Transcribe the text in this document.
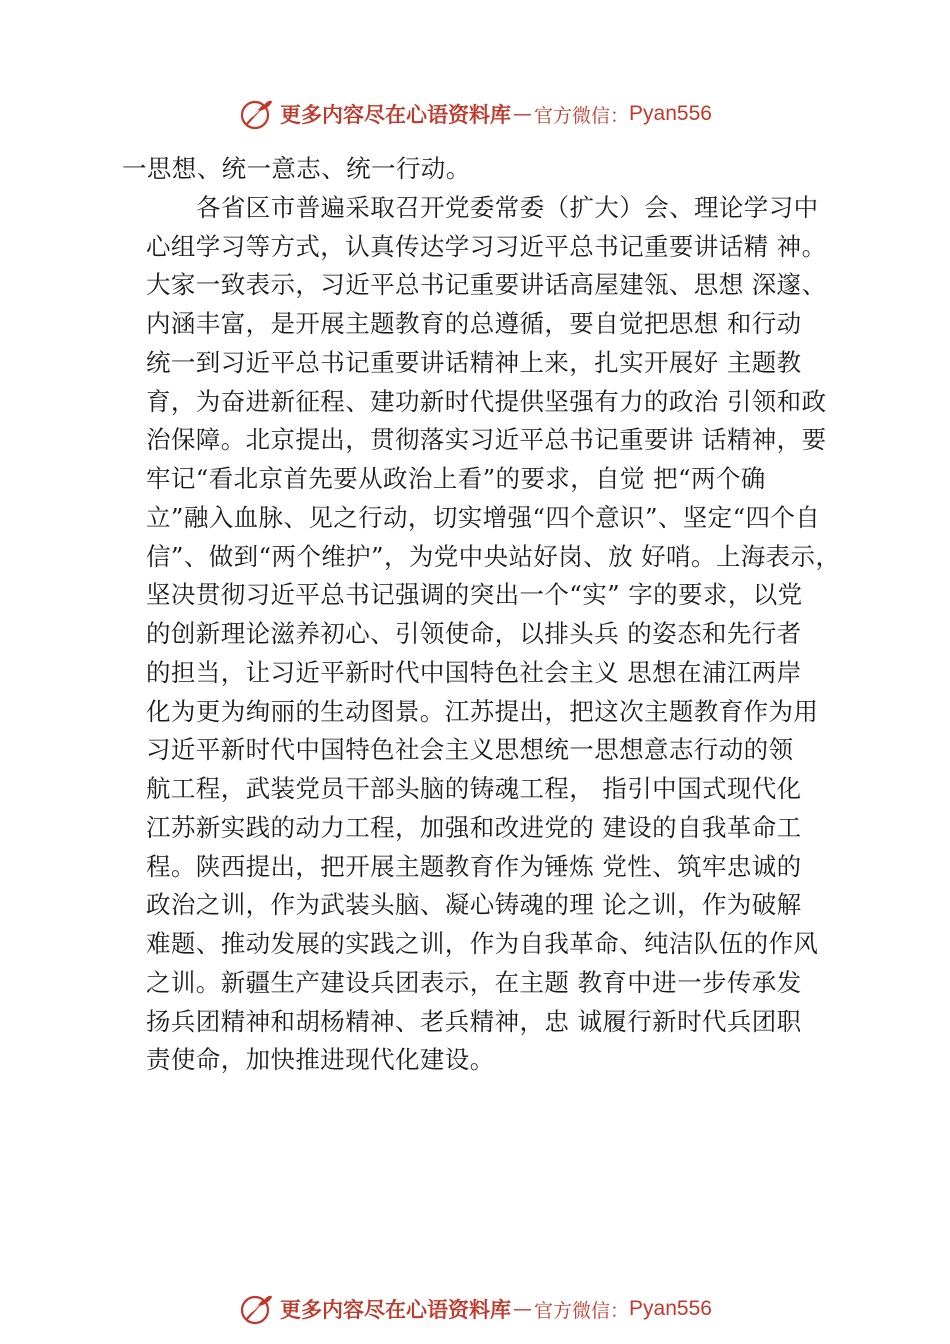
更多内容尽在心语资料库 — 官方微信： Pyan556
一思想、统一意志、统一行动。
各省区市普遍采取召开党委常委（扩大）会、理论学习中
心组学习等方式，认真传达学习习近平总书记重要讲话精 神。
大家一致表示，习近平总书记重要讲话高屋建瓴、思想 深邃、
内涵丰富，是开展主题教育的总遵循，要自觉把思想 和行动
统一到习近平总书记重要讲话精神上来，扎实开展好 主题教
育，为奋进新征程、建功新时代提供坚强有力的政治 引领和政
治保障。北京提出，贯彻落实习近平总书记重要讲 话精神，要
牢记“看北京首先要从政治上看”的要求，自觉 把“两个确
立”融入血脉、见之行动，切实增强“四个意识”、坚定“四个自
信”、做到“两个维护”，为党中央站好岗、放 好哨。上海表示，
坚决贯彻习近平总书记强调的突出一个“实” 字的要求，以党
的创新理论滋养初心、引领使命，以排头兵 的姿态和先行者
的担当，让习近平新时代中国特色社会主义 思想在浦江两岸
化为更为绚丽的生动图景。江苏提出，把这次主题教育作为用
习近平新时代中国特色社会主义思想统一思想意志行动的领
航工程，武装党员干部头脑的铸魂工程， 指引中国式现代化
江苏新实践的动力工程，加强和改进党的 建设的自我革命工
程。陕西提出，把开展主题教育作为锤炼 党性、筑牢忠诚的
政治之训，作为武装头脑、凝心铸魂的理 论之训，作为破解
难题、推动发展的实践之训，作为自我革命、纯洁队伍的作风
之训。新疆生产建设兵团表示，在主题 教育中进一步传承发
扬兵团精神和胡杨精神、老兵精神，忠 诚履行新时代兵团职
责使命，加快推进现代化建设。
更多内容尽在心语资料库 — 官方微信： Pyan556
